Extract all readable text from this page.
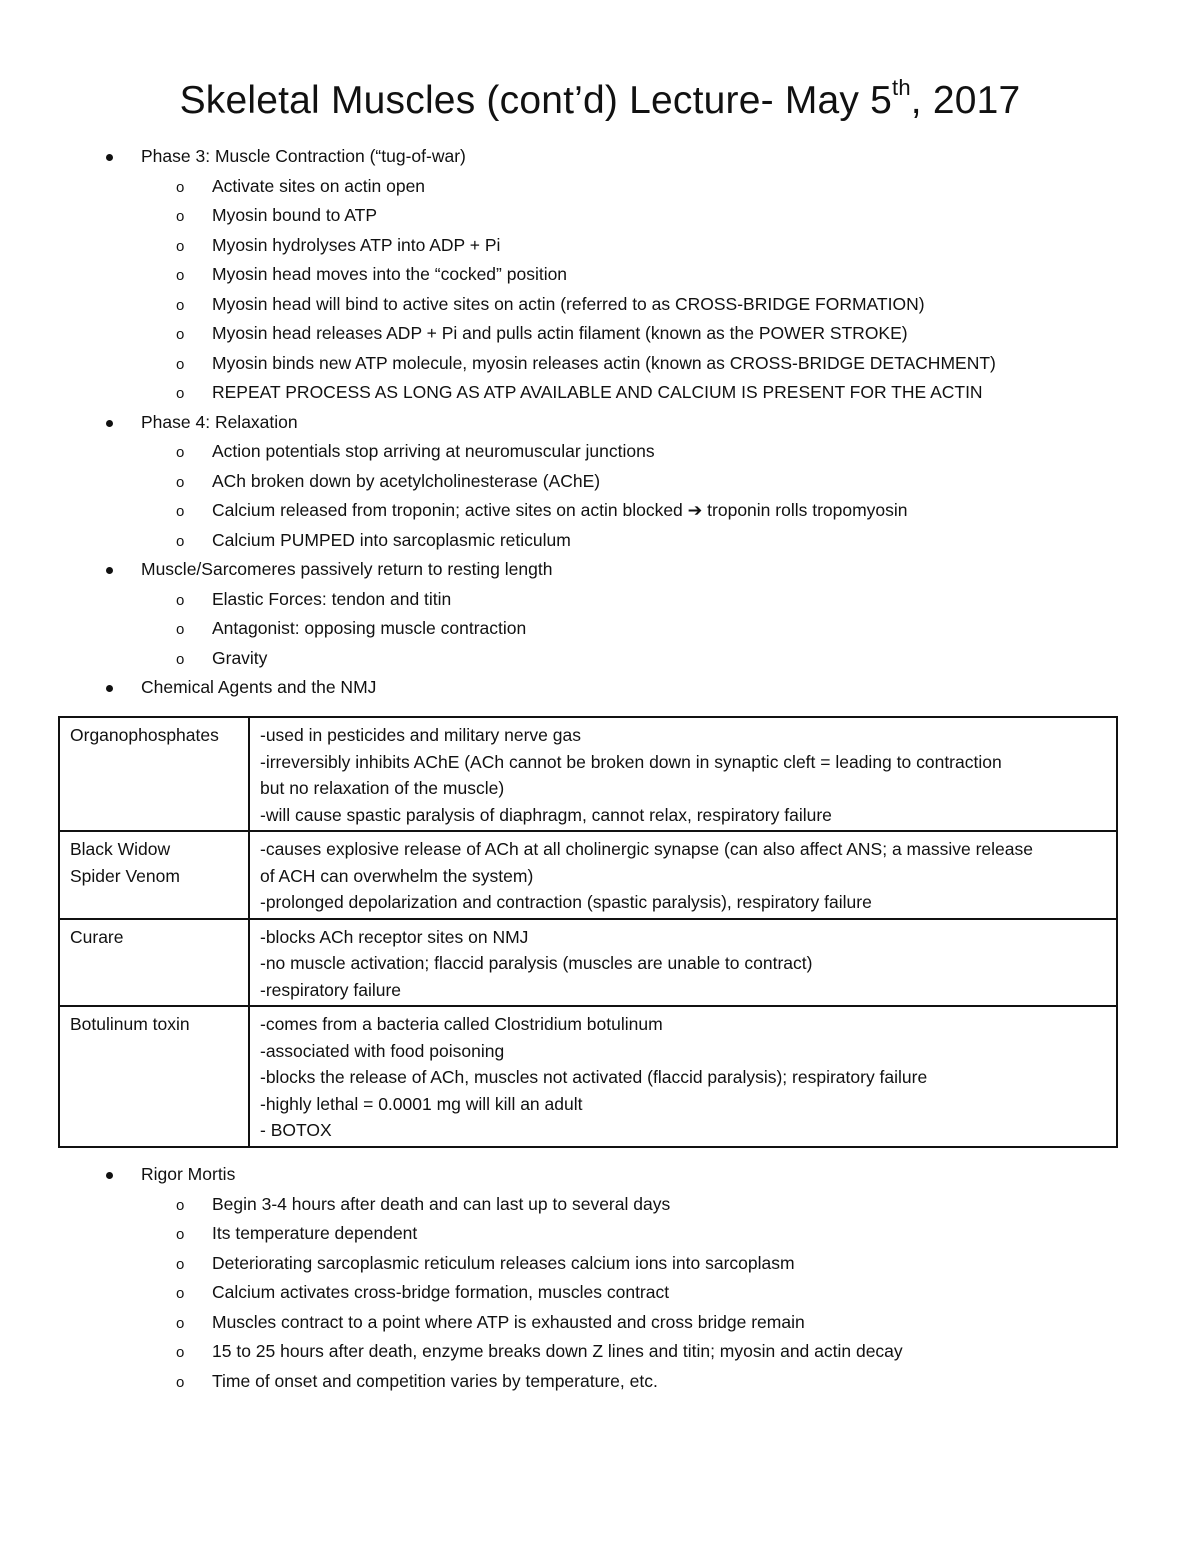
Skeletal Muscles (cont’d) Lecture- May 5th, 2017
Phase 3: Muscle Contraction (“tug-of-war)
o Activate sites on actin open
o Myosin bound to ATP
o Myosin hydrolyses ATP into ADP + Pi
o Myosin head moves into the “cocked” position
o Myosin head will bind to active sites on actin (referred to as CROSS-BRIDGE FORMATION)
o Myosin head releases ADP + Pi and pulls actin filament (known as the POWER STROKE)
o Myosin binds new ATP molecule, myosin releases actin (known as CROSS-BRIDGE DETACHMENT)
o REPEAT PROCESS AS LONG AS ATP AVAILABLE AND CALCIUM IS PRESENT FOR THE ACTIN
Phase 4: Relaxation
o Action potentials stop arriving at neuromuscular junctions
o ACh broken down by acetylcholinesterase (AChE)
o Calcium released from troponin; active sites on actin blocked ➔ troponin rolls tropomyosin
o Calcium PUMPED into sarcoplasmic reticulum
Muscle/Sarcomeres passively return to resting length
o Elastic Forces: tendon and titin
o Antagonist: opposing muscle contraction
o Gravity
Chemical Agents and the NMJ
Organophosphates	-used in pesticides and military nerve gas
-irreversibly inhibits AChE (ACh cannot be broken down in synaptic cleft = leading to contraction
but no relaxation of the muscle)
-will cause spastic paralysis of diaphragm, cannot relax, respiratory failure

Black Widow
Spider Venom	-causes explosive release of ACh at all cholinergic synapse (can also affect ANS; a massive release
of ACH can overwhelm the system)
-prolonged depolarization and contraction (spastic paralysis), respiratory failure

Curare	-blocks ACh receptor sites on NMJ
-no muscle activation; flaccid paralysis (muscles are unable to contract)
-respiratory failure

Botulinum toxin	-comes from a bacteria called Clostridium botulinum
-associated with food poisoning
-blocks the release of ACh, muscles not activated (flaccid paralysis); respiratory failure
-highly lethal = 0.0001 mg will kill an adult
- BOTOX
Rigor Mortis
o Begin 3-4 hours after death and can last up to several days
o Its temperature dependent
o Deteriorating sarcoplasmic reticulum releases calcium ions into sarcoplasm
o Calcium activates cross-bridge formation, muscles contract
o Muscles contract to a point where ATP is exhausted and cross bridge remain
o 15 to 25 hours after death, enzyme breaks down Z lines and titin; myosin and actin decay
o Time of onset and competition varies by temperature, etc.
